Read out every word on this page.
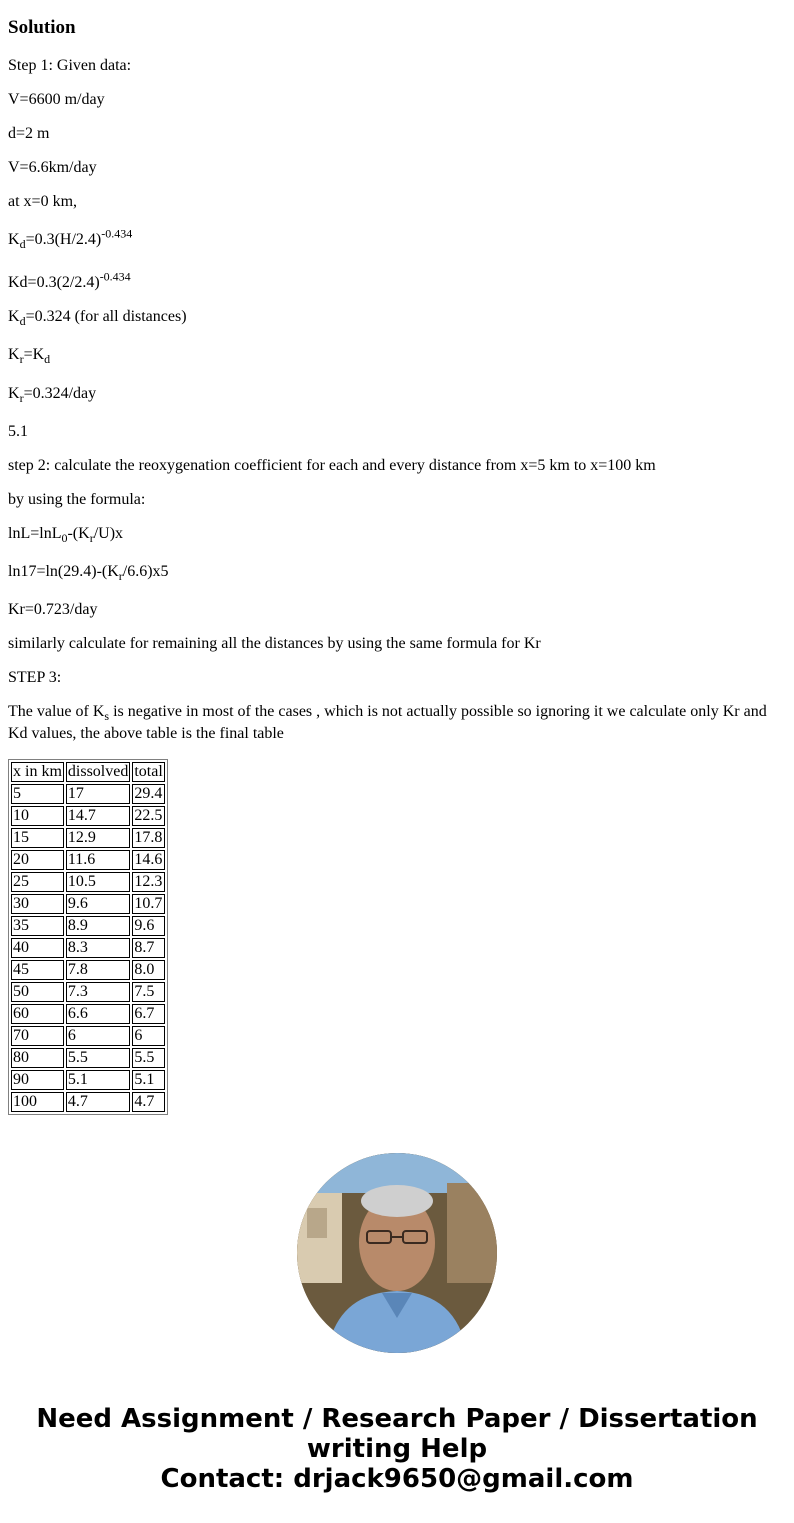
Solution

Step 1: Given data:

V=6600 m/day

d=2 m

V=6.6km/day

at x=0 km,

$K_d=0.3(H/2.4)^{-0.434}$

$Kd=0.3(2/2.4)^{-0.434}$

$K_d=0.324$ (for all distances)

$K_r=K_d$

$K_r=0.324$/day

5.1

step 2: calculate the reoxygenation coefficient for each and every distance from x=5 km to x=100 km

by using the formula:

$\ln L=\ln L_0-(K_r/U)x$

$\ln 17=\ln(29.4)-(K_r/6.6)x5$

Kr=0.723/day

similarly calculate for remaining all the distances by using the same formula for Kr

STEP 3:

The value of $K_s$ is negative in most of the cases , which is not actually possible so ignoring it we calculate only Kr and Kd values, the above table is the final table

x in km	dissolved	total
5	17	29.4
10	14.7	22.5
15	12.9	17.8
20	11.6	14.6
25	10.5	12.3
30	9.6	10.7
35	8.9	9.6
40	8.3	8.7
45	7.8	8.0
50	7.3	7.5
60	6.6	6.7
70	6	6
80	5.5	5.5
90	5.1	5.1
100	4.7	4.7
Need Assignment / Research Paper / Dissertation
writing Help
Contact: drjack9650@gmail.com
